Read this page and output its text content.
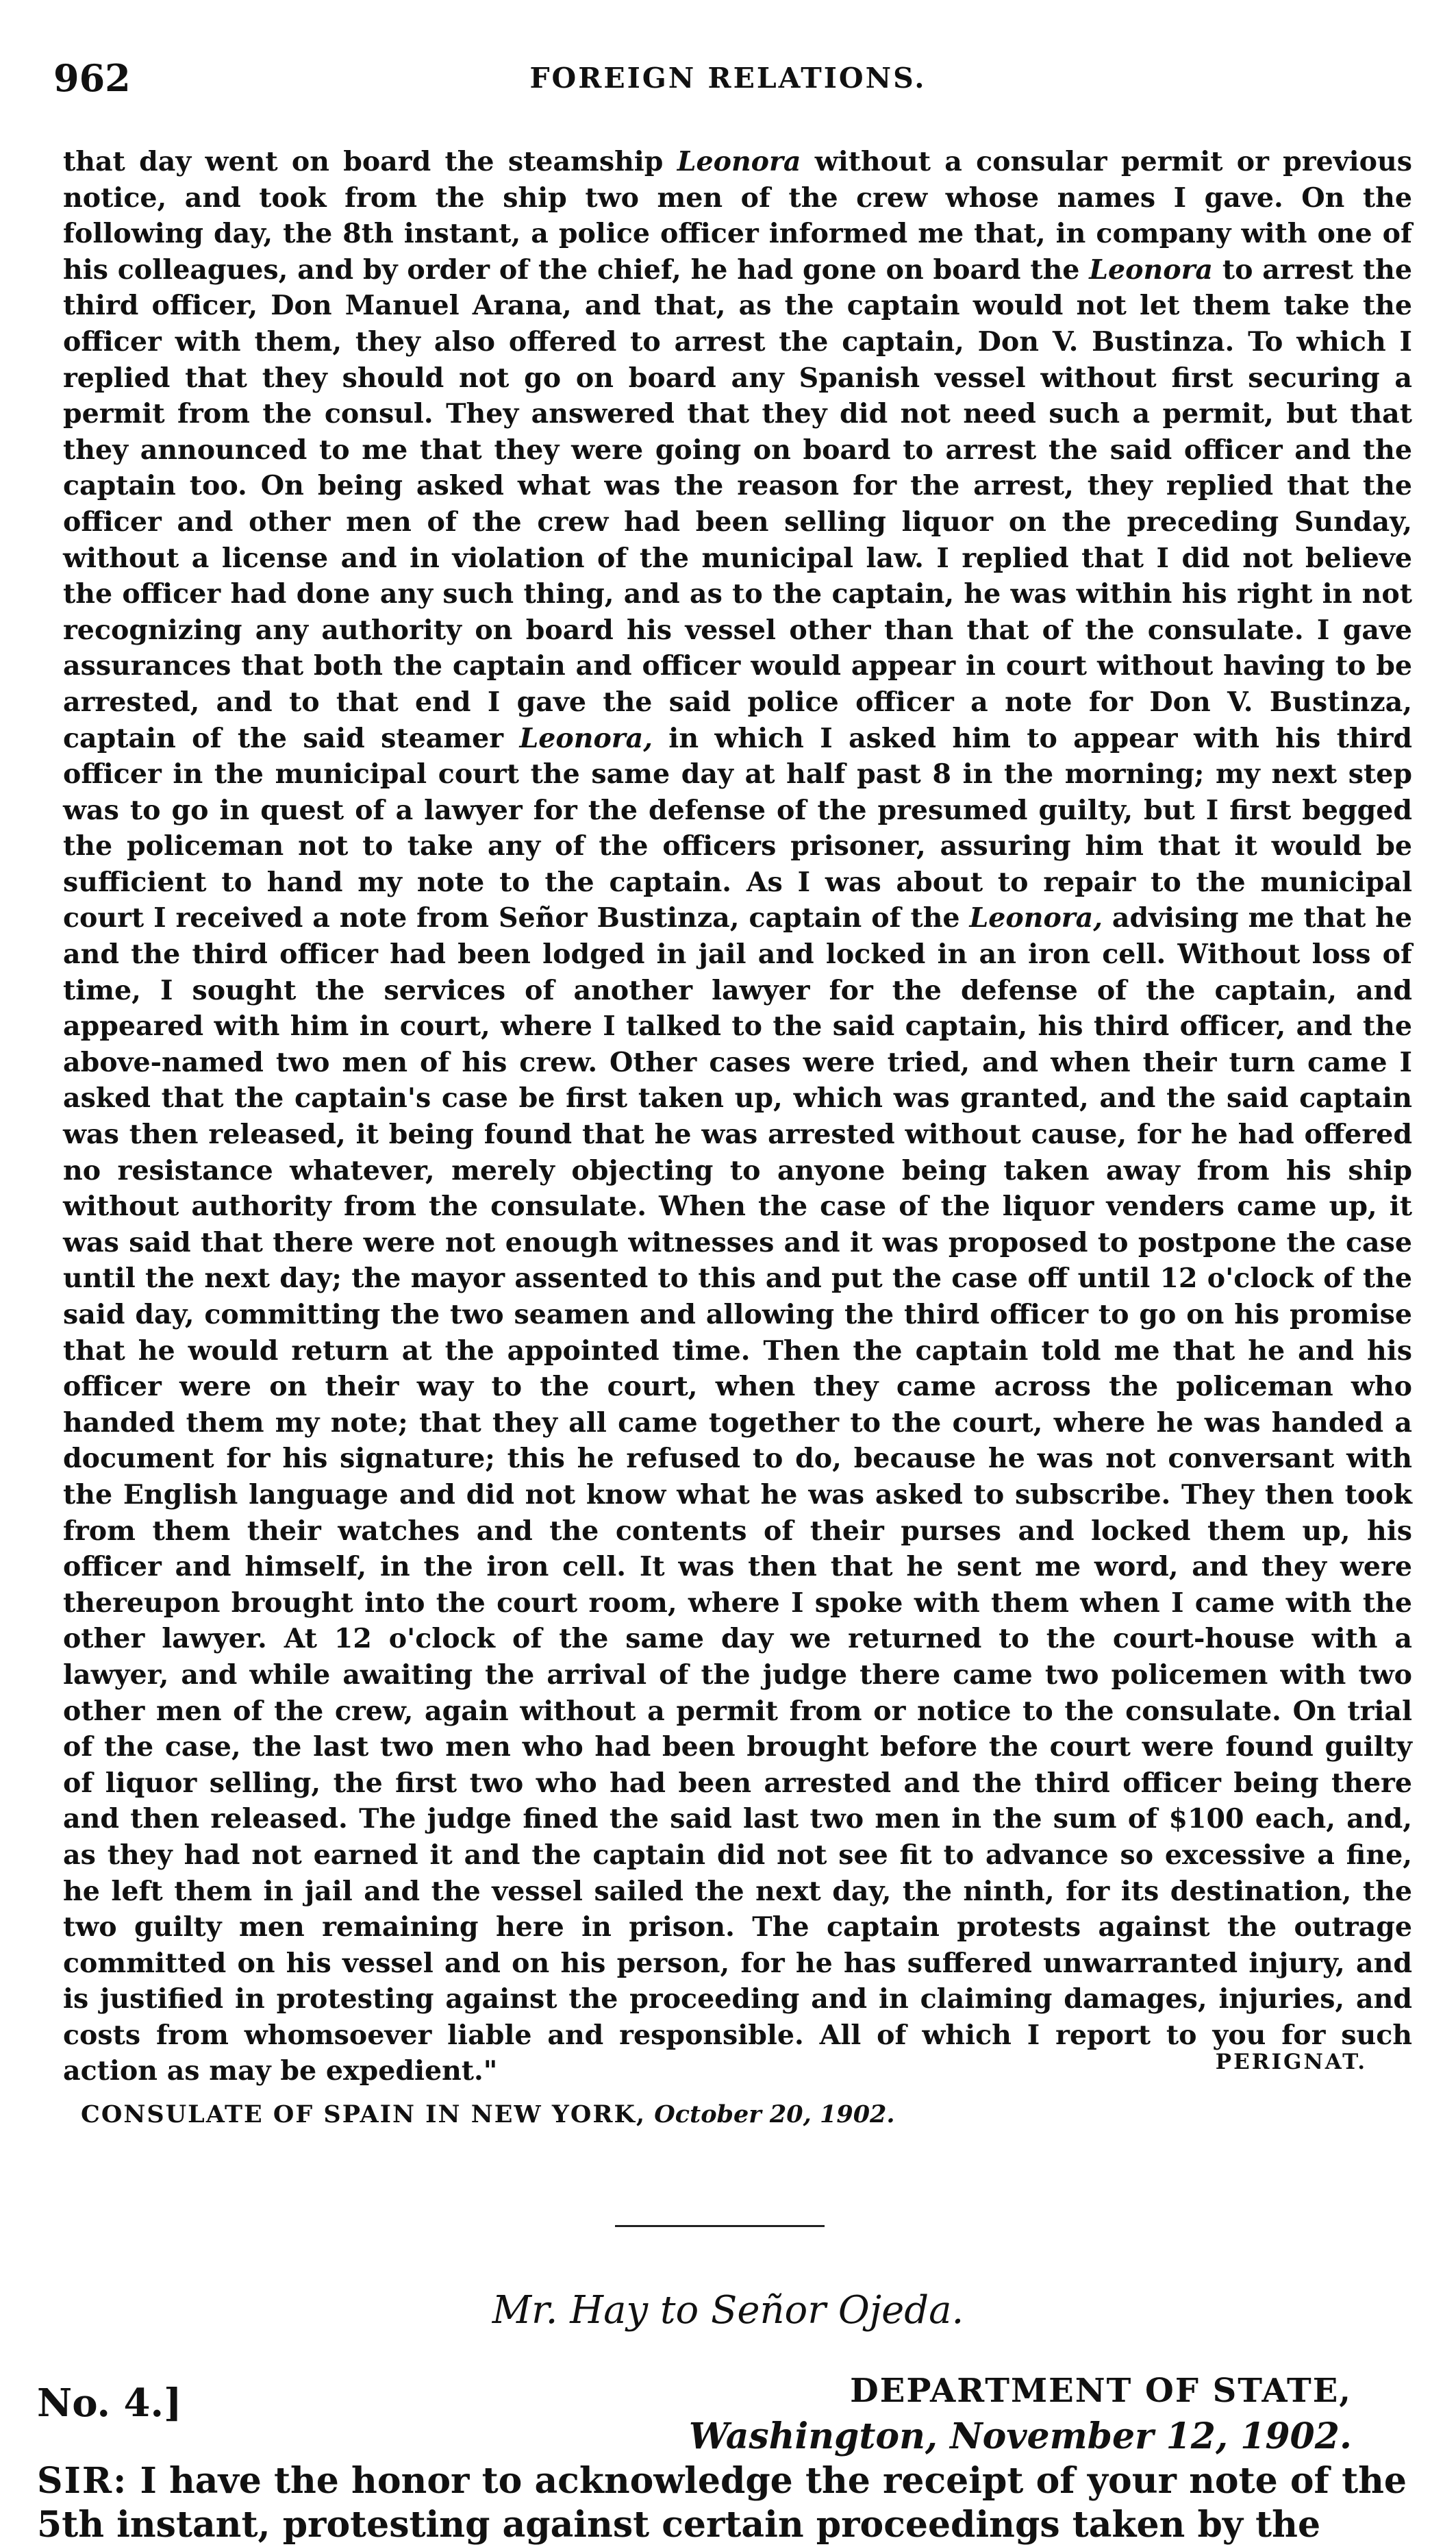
962	FOREIGN RELATIONS.
that day went on board the steamship Leonora without a consular permit or previous notice, and took from the ship two men of the crew whose names I gave. On the following day, the 8th instant, a police officer informed me that, in company with one of his colleagues, and by order of the chief, he had gone on board the Leonora to arrest the third officer, Don Manuel Arana, and that, as the captain would not let them take the officer with them, they also offered to arrest the captain, Don V. Bustinza. To which I replied that they should not go on board any Spanish vessel without first securing a permit from the consul. They answered that they did not need such a permit, but that they announced to me that they were going on board to arrest the said officer and the captain too. On being asked what was the reason for the arrest, they replied that the officer and other men of the crew had been selling liquor on the preceding Sunday, without a license and in violation of the municipal law. I replied that I did not believe the officer had done any such thing, and as to the captain, he was within his right in not recognizing any authority on board his vessel other than that of the consulate. I gave assurances that both the captain and officer would appear in court without having to be arrested, and to that end I gave the said police officer a note for Don V. Bustinza, captain of the said steamer Leonora, in which I asked him to appear with his third officer in the municipal court the same day at half past 8 in the morning; my next step was to go in quest of a lawyer for the defense of the presumed guilty, but I first begged the policeman not to take any of the officers prisoner, assuring him that it would be sufficient to hand my note to the captain. As I was about to repair to the municipal court I received a note from Señor Bustinza, captain of the Leonora, advising me that he and the third officer had been lodged in jail and locked in an iron cell. Without loss of time, I sought the services of another lawyer for the defense of the captain, and appeared with him in court, where I talked to the said captain, his third officer, and the above-named two men of his crew. Other cases were tried, and when their turn came I asked that the captain's case be first taken up, which was granted, and the said captain was then released, it being found that he was arrested without cause, for he had offered no resistance whatever, merely objecting to anyone being taken away from his ship without authority from the consulate. When the case of the liquor venders came up, it was said that there were not enough witnesses and it was proposed to postpone the case until the next day; the mayor assented to this and put the case off until 12 o'clock of the said day, committing the two seamen and allowing the third officer to go on his promise that he would return at the appointed time. Then the captain told me that he and his officer were on their way to the court, when they came across the policeman who handed them my note; that they all came together to the court, where he was handed a document for his signature; this he refused to do, because he was not conversant with the English language and did not know what he was asked to subscribe. They then took from them their watches and the contents of their purses and locked them up, his officer and himself, in the iron cell. It was then that he sent me word, and they were thereupon brought into the court room, where I spoke with them when I came with the other lawyer. At 12 o'clock of the same day we returned to the court-house with a lawyer, and while awaiting the arrival of the judge there came two policemen with two other men of the crew, again without a permit from or notice to the consulate. On trial of the case, the last two men who had been brought before the court were found guilty of liquor selling, the first two who had been arrested and the third officer being there and then released. The judge fined the said last two men in the sum of $100 each, and, as they had not earned it and the captain did not see fit to advance so excessive a fine, he left them in jail and the vessel sailed the next day, the ninth, for its destination, the two guilty men remaining here in prison. The captain protests against the outrage committed on his vessel and on his person, for he has suffered unwarranted injury, and is justified in protesting against the proceeding and in claiming damages, injuries, and costs from whomsoever liable and responsible. All of which I report to you for such action as may be expedient."	PERIGNAT.
CONSULATE OF SPAIN IN NEW YORK, October 20, 1902.
Mr. Hay to Señor Ojeda.
No. 4.]	DEPARTMENT OF STATE,
Washington, November 12, 1902.
SIR: I have the honor to acknowledge the receipt of your note of the 5th instant, protesting against certain proceedings taken by the
